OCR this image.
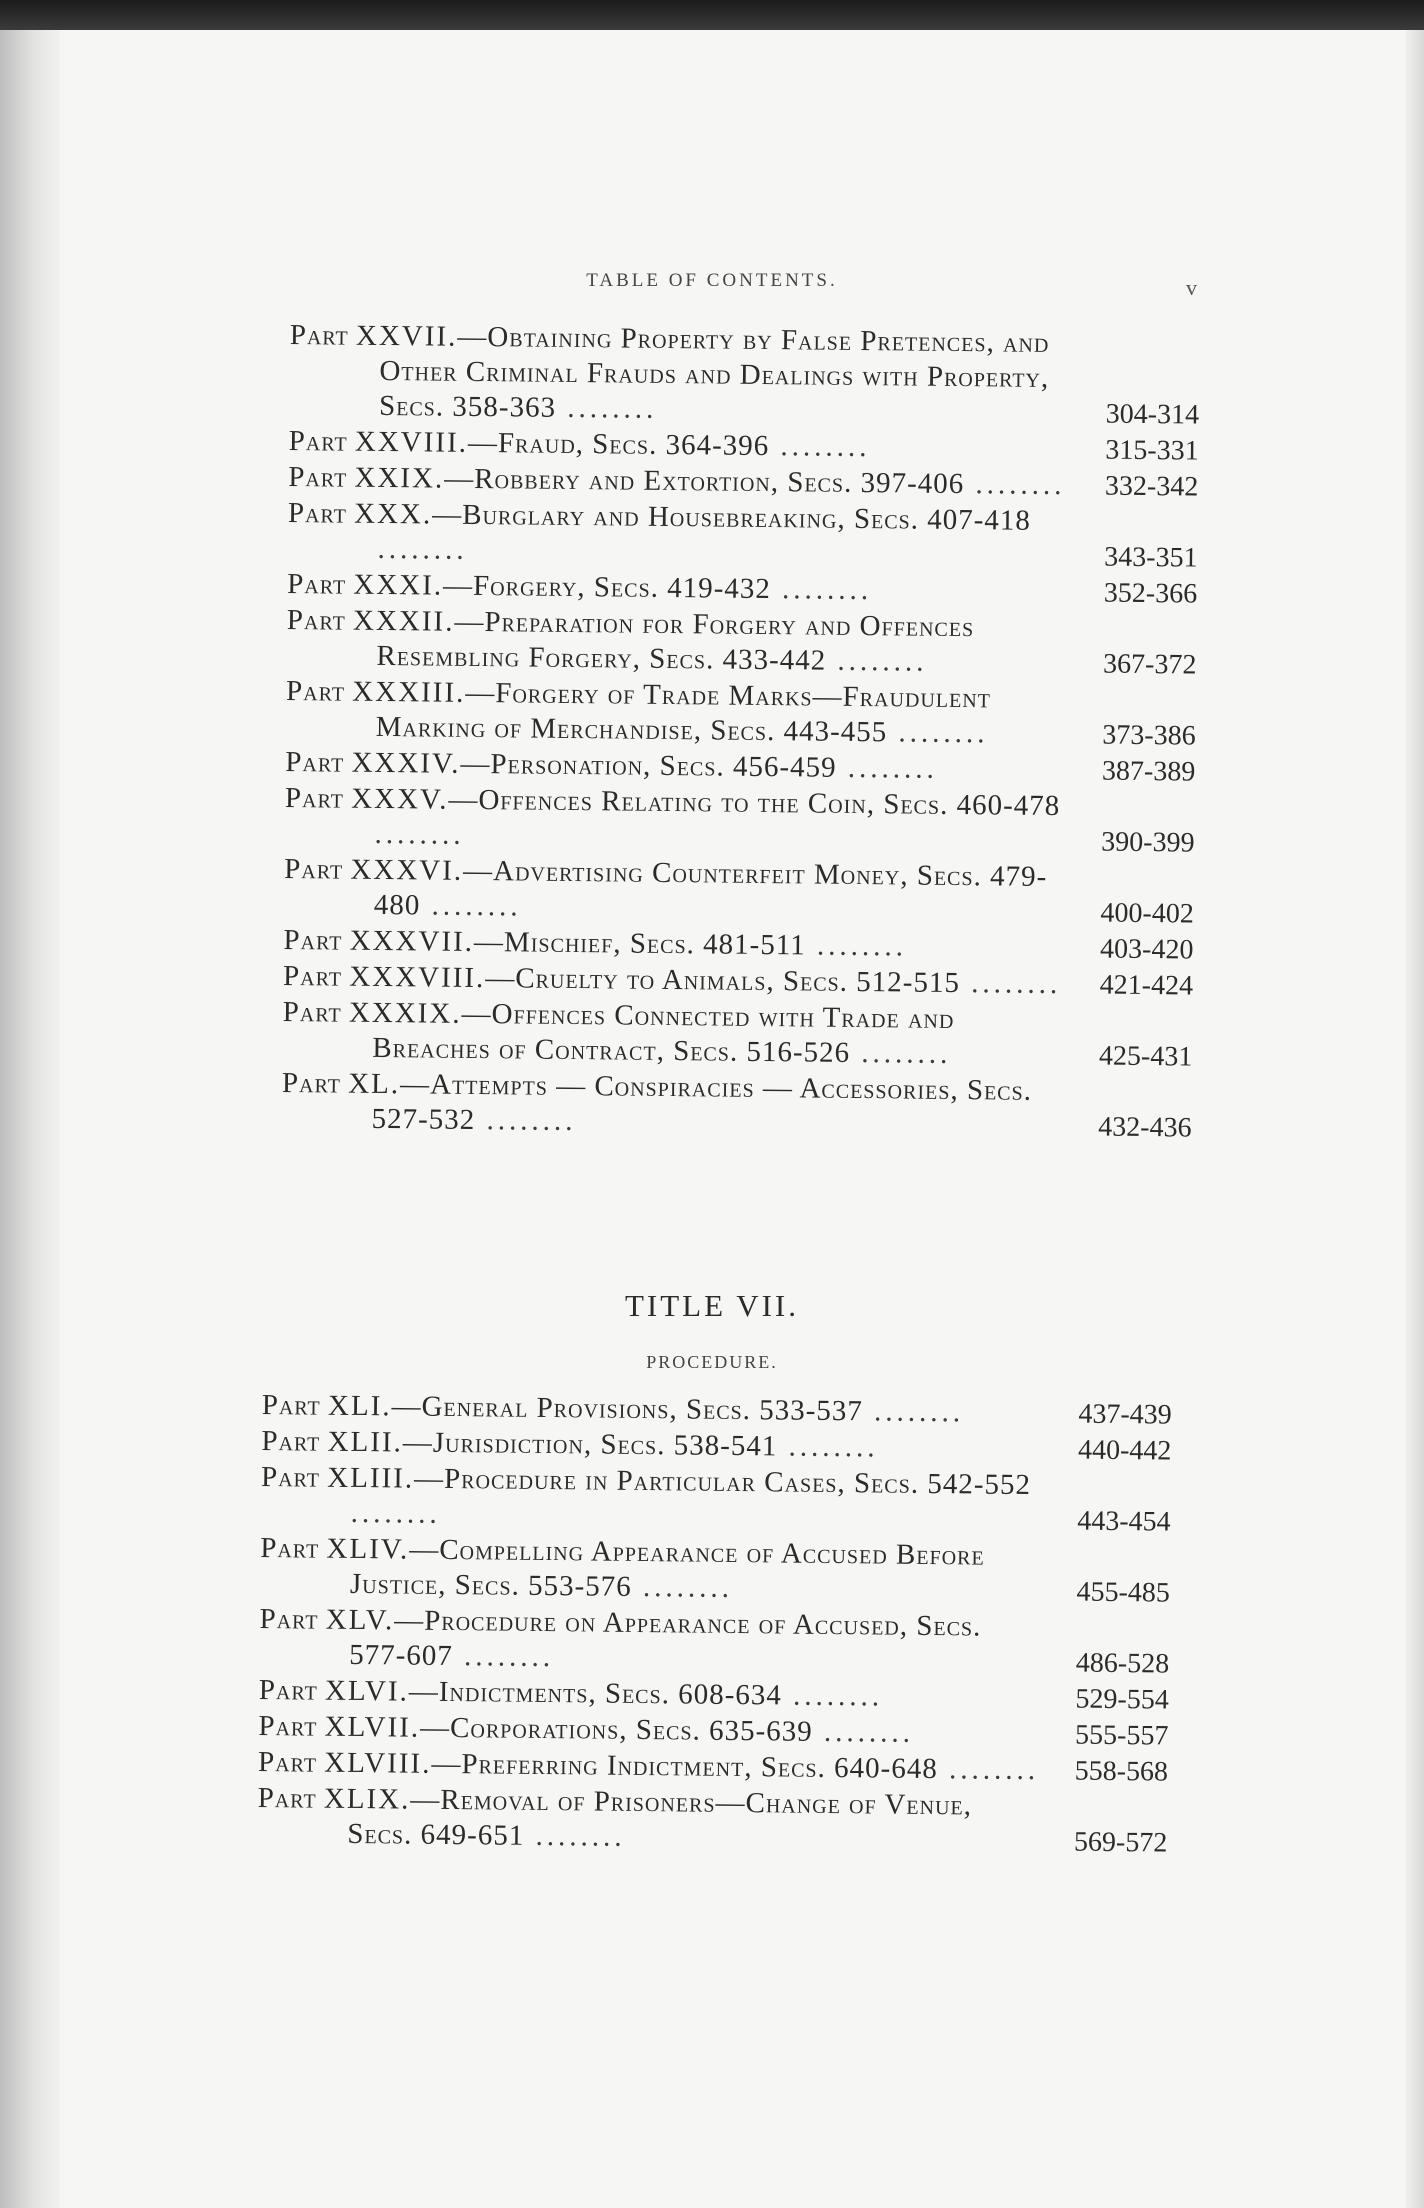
TABLE OF CONTENTS.	v
Part XXVII.—Obtaining Property by False Pretences, and Other Criminal Frauds and Dealings with Property, Secs. 358-363 ........	304-314
Part XXVIII.—Fraud, Secs. 364-396 ........	315-331
Part XXIX.—Robbery and Extortion, Secs. 397-406 ........ 332-342
Part XXX.—Burglary and Housebreaking, Secs. 407-418 ........	343-351
Part XXXI.—Forgery, Secs. 419-432 ........	352-366
Part XXXII.—Preparation for Forgery and Offences Resembling Forgery, Secs. 433-442 ........	367-372
Part XXXIII.—Forgery of Trade Marks—Fraudulent Marking of Merchandise, Secs. 443-455 ........	373-386
Part XXXIV.—Personation, Secs. 456-459 ........	387-389
Part XXXV.—Offences Relating to the Coin, Secs. 460-478 ........	390-399
Part XXXVI.—Advertising Counterfeit Money, Secs. 479-480 ........	400-402
Part XXXVII.—Mischief, Secs. 481-511 ........	403-420
Part XXXVIII.—Cruelty to Animals, Secs. 512-515 ........ 421-424
Part XXXIX.—Offences Connected with Trade and Breaches of Contract, Secs. 516-526 ........	425-431
Part XL.—Attempts — Conspiracies — Accessories, Secs. 527-532 ........	432-436
TITLE VII.
PROCEDURE.
Part XLI.—General Provisions, Secs. 533-537 ........	437-439
Part XLII.—Jurisdiction, Secs. 538-541 ........	440-442
Part XLIII.—Procedure in Particular Cases, Secs. 542-552 ........	443-454
Part XLIV.—Compelling Appearance of Accused Before Justice, Secs. 553-576 ........	455-485
Part XLV.—Procedure on Appearance of Accused, Secs. 577-607 ........	486-528
Part XLVI.—Indictments, Secs. 608-634 ........	529-554
Part XLVII.—Corporations, Secs. 635-639 ........	555-557
Part XLVIII.—Preferring Indictment, Secs. 640-648 ........ 558-568
Part XLIX.—Removal of Prisoners—Change of Venue, Secs. 649-651 ........	569-572
